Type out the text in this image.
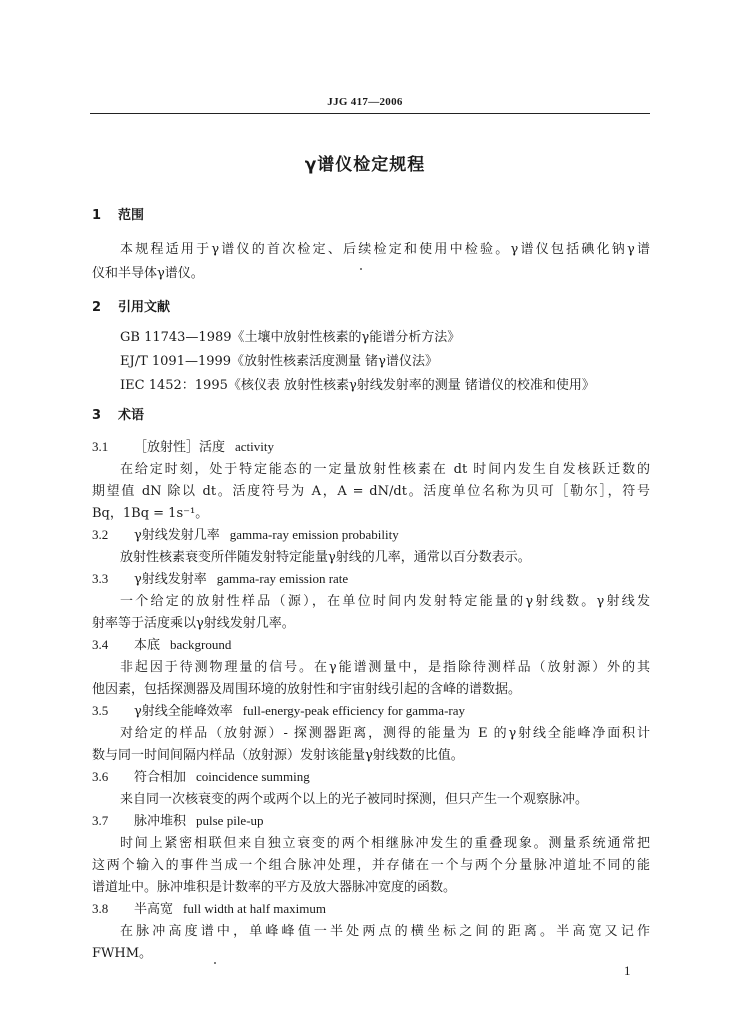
JJG 417—2006
γ谱仪检定规程
1 范围
本规程适用于γ谱仪的首次检定、后续检定和使用中检验。γ谱仪包括碘化钠γ谱
仪和半导体γ谱仪。
2 引用文献
GB 11743—1989《土壤中放射性核素的γ能谱分析方法》
EJ/T 1091—1999《放射性核素活度测量 锗γ谱仪法》
IEC 1452：1995《核仪表 放射性核素γ射线发射率的测量 锗谱仪的校准和使用》
3 术语
3.1 ［放射性］活度 activity
在给定时刻，处于特定能态的一定量放射性核素在 dt 时间内发生自发核跃迁数的
期望值 dN 除以 dt。活度符号为 A，A = dN/dt。活度单位名称为贝可［勒尔］，符号
Bq，1Bq = 1s⁻¹。
3.2 γ射线发射几率 gamma-ray emission probability
放射性核素衰变所伴随发射特定能量γ射线的几率，通常以百分数表示。
3.3 γ射线发射率 gamma-ray emission rate
一个给定的放射性样品（源），在单位时间内发射特定能量的γ射线数。γ射线发
射率等于活度乘以γ射线发射几率。
3.4 本底 background
非起因于待测物理量的信号。在γ能谱测量中，是指除待测样品（放射源）外的其
他因素，包括探测器及周围环境的放射性和宇宙射线引起的含峰的谱数据。
3.5 γ射线全能峰效率 full-energy-peak efficiency for gamma-ray
对给定的样品（放射源）- 探测器距离，测得的能量为 E 的γ射线全能峰净面积计
数与同一时间间隔内样品（放射源）发射该能量γ射线数的比值。
3.6 符合相加 coincidence summing
来自同一次核衰变的两个或两个以上的光子被同时探测，但只产生一个观察脉冲。
3.7 脉冲堆积 pulse pile-up
时间上紧密相联但来自独立衰变的两个相继脉冲发生的重叠现象。测量系统通常把
这两个输入的事件当成一个组合脉冲处理，并存储在一个与两个分量脉冲道址不同的能
谱道址中。脉冲堆积是计数率的平方及放大器脉冲宽度的函数。
3.8 半高宽 full width at half maximum
在脉冲高度谱中，单峰峰值一半处两点的横坐标之间的距离。半高宽又记作
FWHM。
1
